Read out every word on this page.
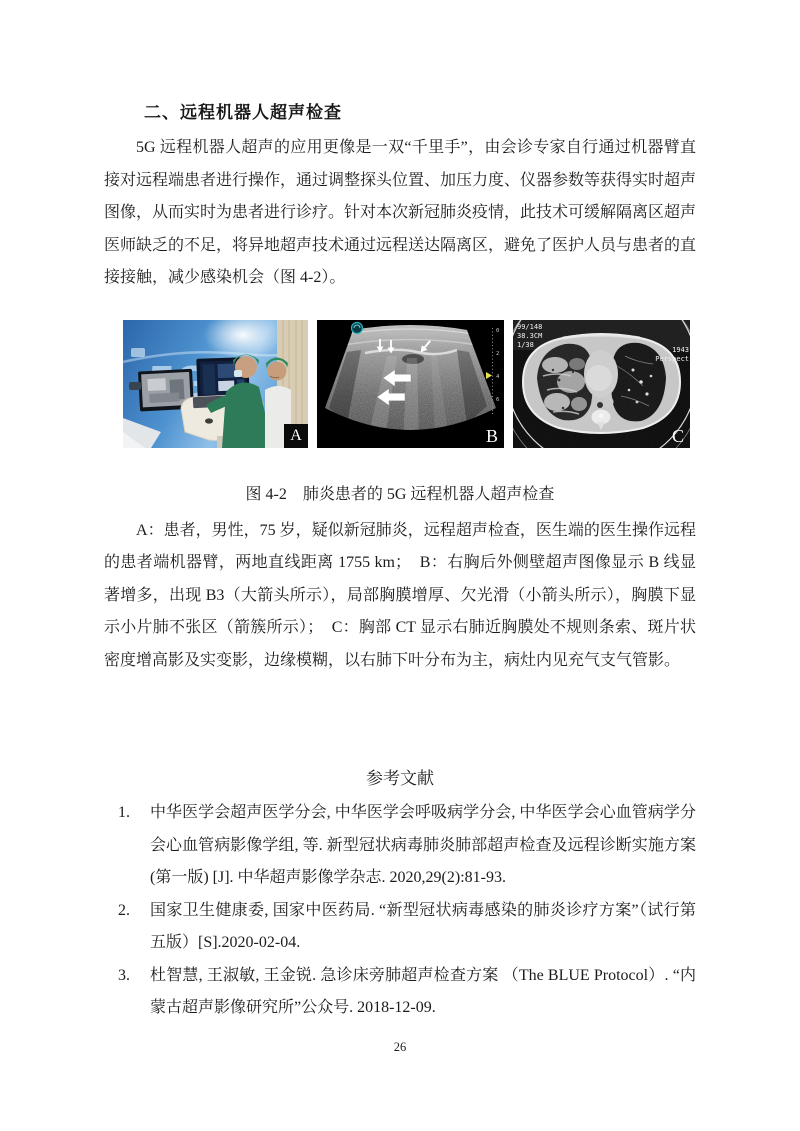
二、远程机器人超声检查

5G 远程机器人超声的应用更像是一双“千里手”，由会诊专家自行通过机器臂直接对远程端患者进行操作，通过调整探头位置、加压力度、仪器参数等获得实时超声图像，从而实时为患者进行诊疗。针对本次新冠肺炎疫情，此技术可缓解隔离区超声医师缺乏的不足，将异地超声技术通过远程送达隔离区，避免了医护人员与患者的直接接触，减少感染机会（图 4-2）。

A
0
2
4
6
B
99/148
38.3CM
1/38
1943
Perspect
C
图 4-2　肺炎患者的 5G 远程机器人超声检查

A：患者，男性，75 岁，疑似新冠肺炎，远程超声检查，医生端的医生操作远程的患者端机器臂，两地直线距离 1755 km；　B：右胸后外侧壁超声图像显示 B 线显著增多，出现 B3（大箭头所示），局部胸膜增厚、欠光滑（小箭头所示），胸膜下显示小片肺不张区（箭簇所示）；　C：胸部 CT 显示右肺近胸膜处不规则条索、斑片状密度增高影及实变影，边缘模糊，以右肺下叶分布为主，病灶内见充气支气管影。

参考文献
1. 中华医学会超声医学分会, 中华医学会呼吸病学分会, 中华医学会心血管病学分会心血管病影像学组, 等. 新型冠状病毒肺炎肺部超声检查及远程诊断实施方案(第一版) [J]. 中华超声影像学杂志. 2020,29(2):81-93.
2. 国家卫生健康委, 国家中医药局. “新型冠状病毒感染的肺炎诊疗方案”（试行第五版）[S].2020-02-04.
3. 杜智慧, 王淑敏, 王金锐. 急诊床旁肺超声检查方案 （The BLUE Protocol）. “内蒙古超声影像研究所”公众号. 2018-12-09.
26
